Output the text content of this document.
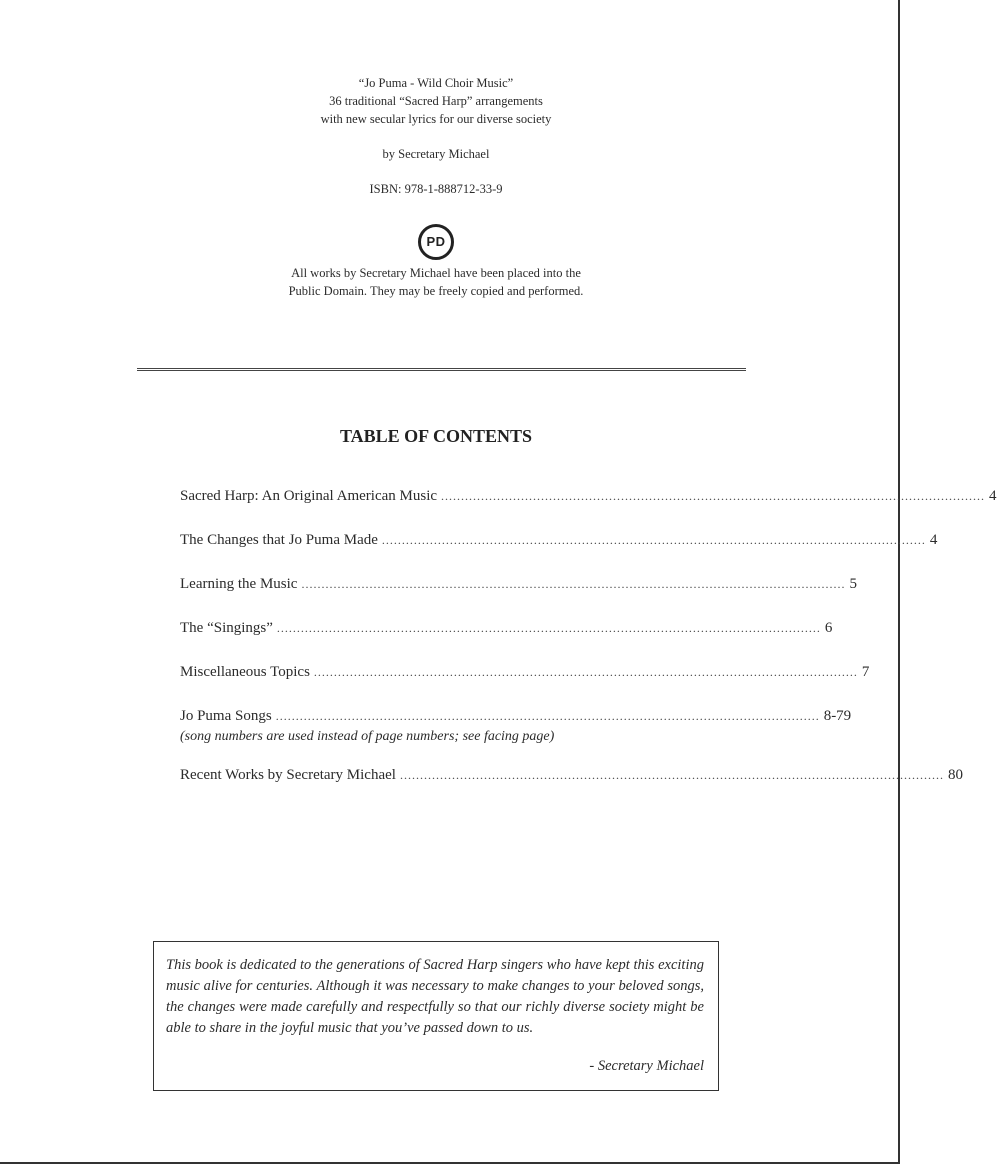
“Jo Puma - Wild Choir Music”
36 traditional “Sacred Harp” arrangements
with new secular lyrics for our diverse society
by Secretary Michael
ISBN: 978-1-888712-33-9
PD
All works by Secretary Michael have been placed into the
Public Domain. They may be freely copied and performed.
TABLE OF CONTENTS
Sacred Harp: An Original American Music ........................................................................................................................................ 4
The Changes that Jo Puma Made ........................................................................................................................................ 4
Learning the Music ........................................................................................................................................ 5
The “Singings” ........................................................................................................................................ 6
Miscellaneous Topics ........................................................................................................................................ 7
Jo Puma Songs ........................................................................................................................................ 8-79
(song numbers are used instead of page numbers; see facing page)
Recent Works by Secretary Michael ........................................................................................................................................ 80
This book is dedicated to the generations of Sacred Harp singers who have kept this exciting music alive for centuries. Although it was necessary to make changes to your beloved songs, the changes were made carefully and respectfully so that our richly diverse society might be able to share in the joyful music that you’ve passed down to us.
- Secretary Michael
